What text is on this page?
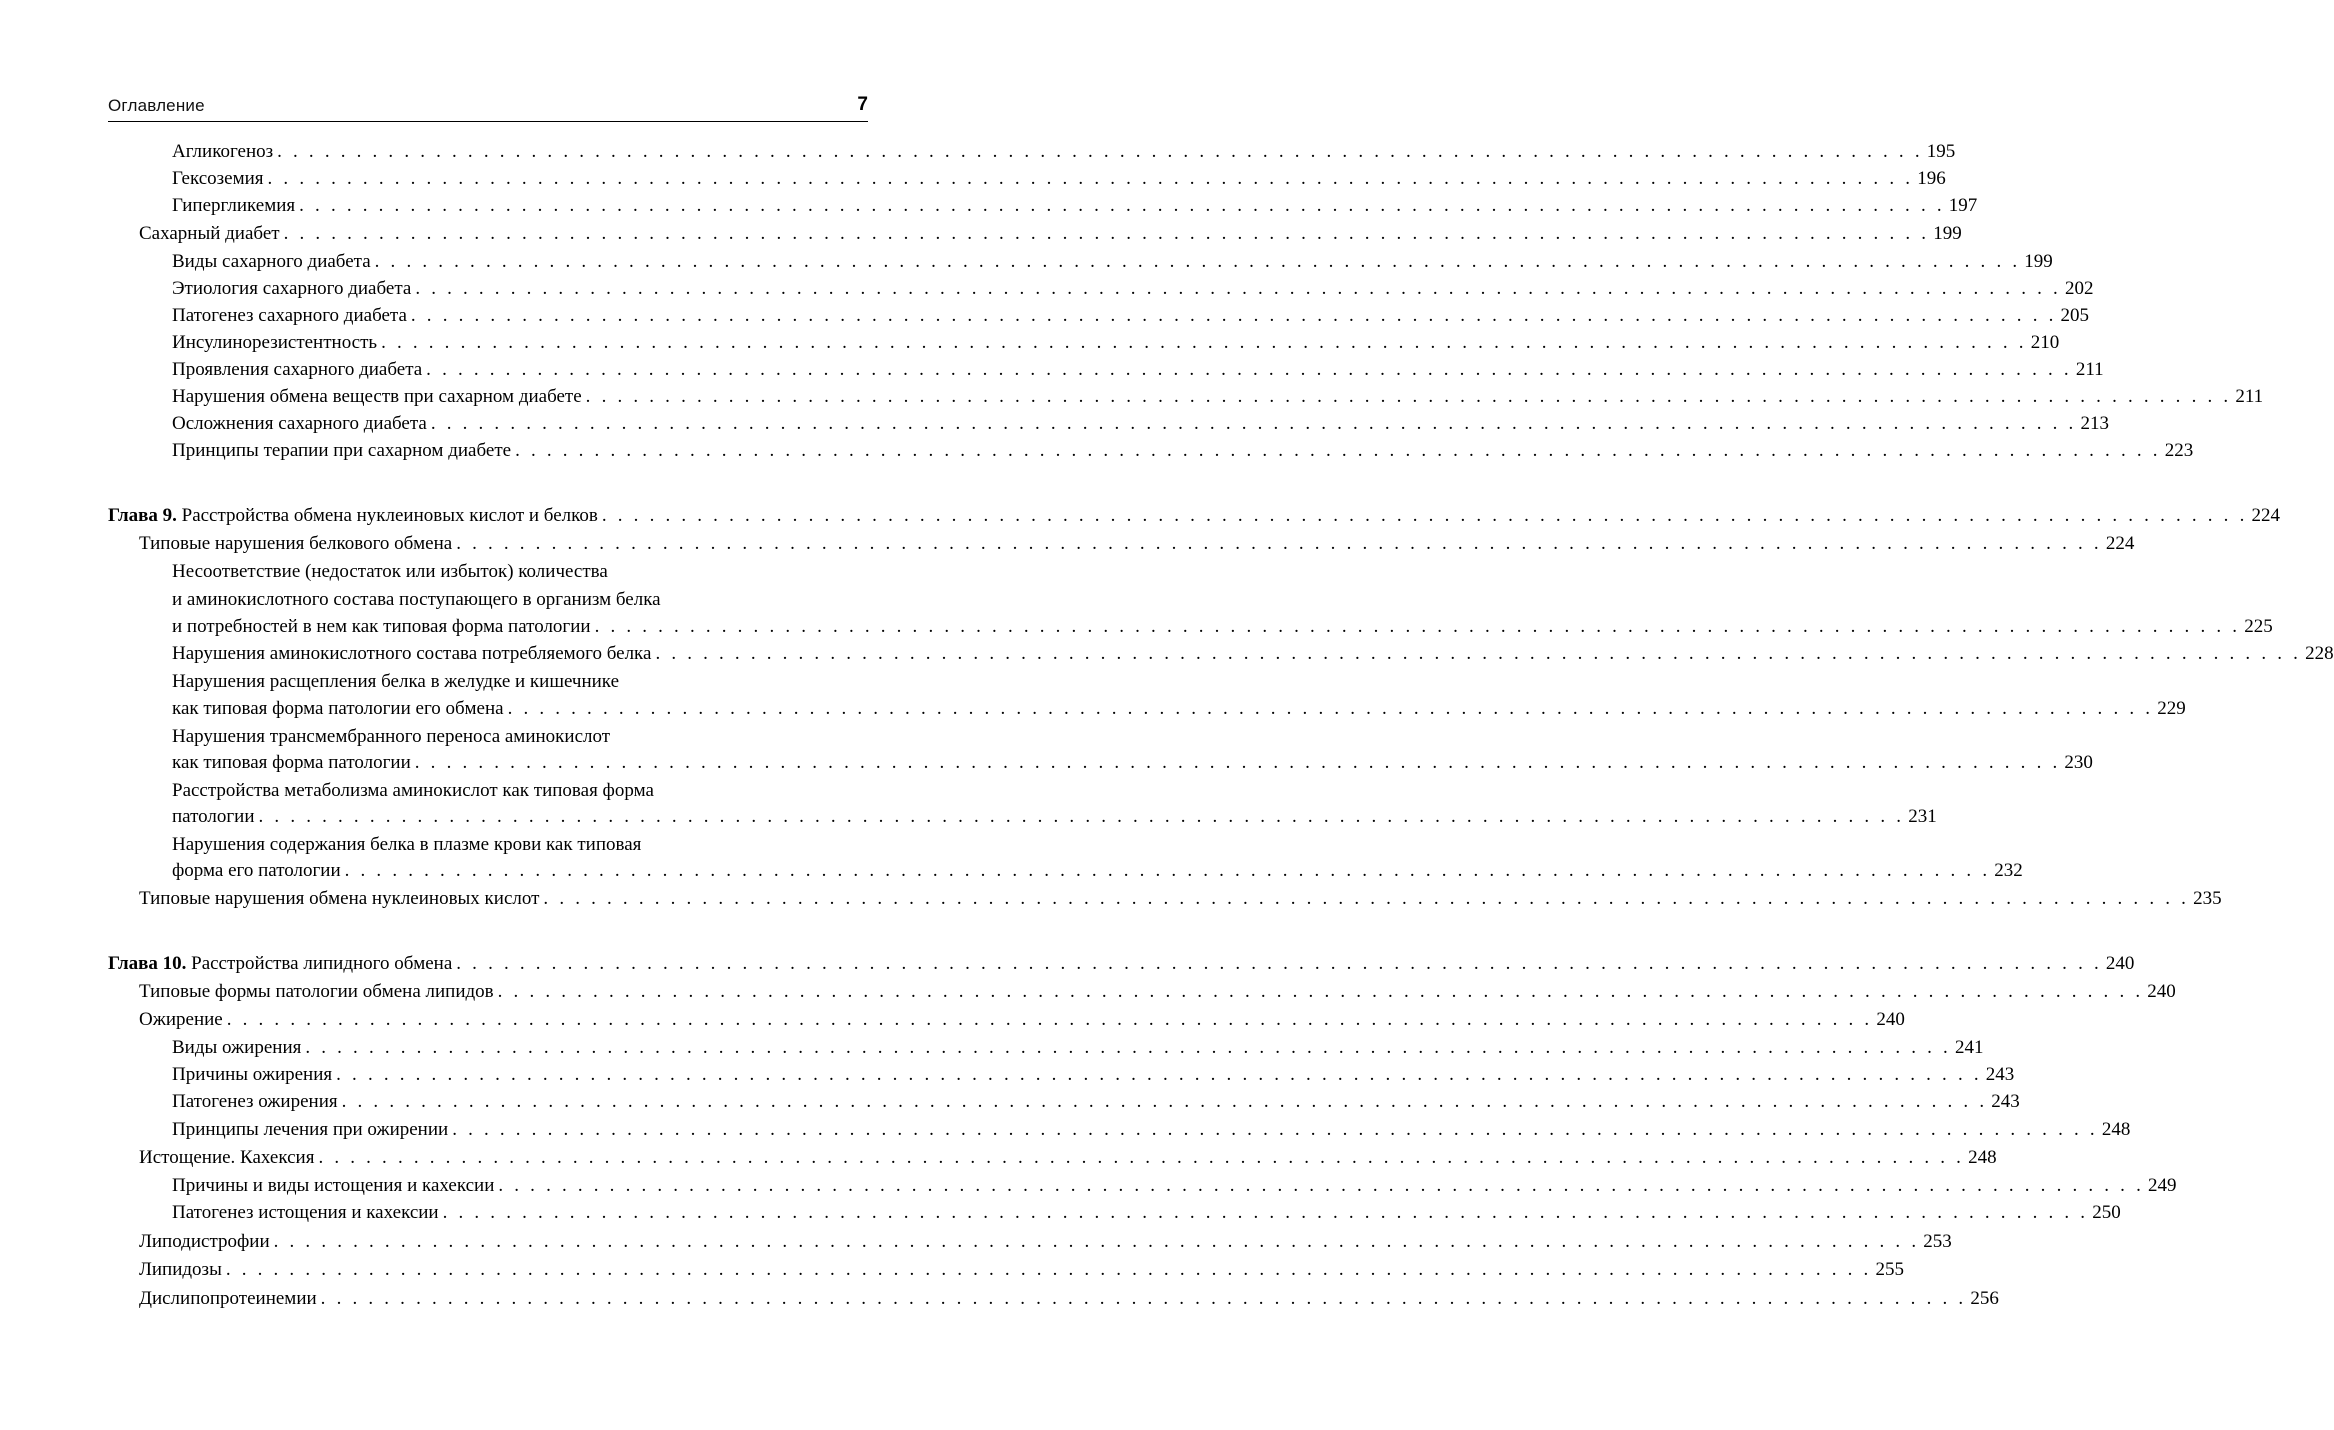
Оглавление	7
Агликогеноз . . . . . . . . . . . . . . . . . . . . . . . . . . . . . . . . . . . . . . . . . . . . . . . . . . . . . . . . . . . . . . . . . . . . . . . . . . . . . . . . . . . . . . . . . . . . . . . . . . . . . . . . 195
Гексоземия . . . . . . . . . . . . . . . . . . . . . . . . . . . . . . . . . . . . . . . . . . . . . . . . . . . . . . . . . . . . . . . . . . . . . . . . . . . . . . . . . . . . . . . . . . . . . . . . . . . . . . . . 196
Гипергликемия . . . . . . . . . . . . . . . . . . . . . . . . . . . . . . . . . . . . . . . . . . . . . . . . . . . . . . . . . . . . . . . . . . . . . . . . . . . . . . . . . . . . . . . . . . . . . . . . . . . . . . . . 197
Сахарный диабет . . . . . . . . . . . . . . . . . . . . . . . . . . . . . . . . . . . . . . . . . . . . . . . . . . . . . . . . . . . . . . . . . . . . . . . . . . . . . . . . . . . . . . . . . . . . . . . . . . . . . . . . 199
Виды сахарного диабета . . . . . . . . . . . . . . . . . . . . . . . . . . . . . . . . . . . . . . . . . . . . . . . . . . . . . . . . . . . . . . . . . . . . . . . . . . . . . . . . . . . . . . . . . . . . . . . . . . . . . . . . 199
Этиология сахарного диабета . . . . . . . . . . . . . . . . . . . . . . . . . . . . . . . . . . . . . . . . . . . . . . . . . . . . . . . . . . . . . . . . . . . . . . . . . . . . . . . . . . . . . . . . . . . . . . . . . . . . . . . . 202
Патогенез сахарного диабета . . . . . . . . . . . . . . . . . . . . . . . . . . . . . . . . . . . . . . . . . . . . . . . . . . . . . . . . . . . . . . . . . . . . . . . . . . . . . . . . . . . . . . . . . . . . . . . . . . . . . . . . 205
Инсулинорезистентность . . . . . . . . . . . . . . . . . . . . . . . . . . . . . . . . . . . . . . . . . . . . . . . . . . . . . . . . . . . . . . . . . . . . . . . . . . . . . . . . . . . . . . . . . . . . . . . . . . . . . . . . 210
Проявления сахарного диабета . . . . . . . . . . . . . . . . . . . . . . . . . . . . . . . . . . . . . . . . . . . . . . . . . . . . . . . . . . . . . . . . . . . . . . . . . . . . . . . . . . . . . . . . . . . . . . . . . . . . . . . . 211
Нарушения обмена веществ при сахарном диабете . . . . . . . . . . . . . . . . . . . . . . . . . . . . . . . . . . . . . . . . . . . . . . . . . . . . . . . . . . . . . . . . . . . . . . . . . . . . . . . . . . . . . . . . . . . . . . . . . . . . . . . . 211
Осложнения сахарного диабета . . . . . . . . . . . . . . . . . . . . . . . . . . . . . . . . . . . . . . . . . . . . . . . . . . . . . . . . . . . . . . . . . . . . . . . . . . . . . . . . . . . . . . . . . . . . . . . . . . . . . . . . 213
Принципы терапии при сахарном диабете . . . . . . . . . . . . . . . . . . . . . . . . . . . . . . . . . . . . . . . . . . . . . . . . . . . . . . . . . . . . . . . . . . . . . . . . . . . . . . . . . . . . . . . . . . . . . . . . . . . . . . . . 223
Глава 9. Расстройства обмена нуклеиновых кислот и белков . . . . . . . . . . . . . . . . . . . . . . . . . . . . . . . . . . . . . . . . . . . . . . . . . . . . . . . . . . . . . . . . . . . . . . . . . . . . . . . . . . . . . . . . . . . . . . . . . . . . . . . . 224
Типовые нарушения белкового обмена . . . . . . . . . . . . . . . . . . . . . . . . . . . . . . . . . . . . . . . . . . . . . . . . . . . . . . . . . . . . . . . . . . . . . . . . . . . . . . . . . . . . . . . . . . . . . . . . . . . . . . . . 224
Несоответствие (недостаток или избыток) количества
и аминокислотного состава поступающего в организм белка
и потребностей в нем как типовая форма патологии . . . . . . . . . . . . . . . . . . . . . . . . . . . . . . . . . . . . . . . . . . . . . . . . . . . . . . . . . . . . . . . . . . . . . . . . . . . . . . . . . . . . . . . . . . . . . . . . . . . . . . . . 225
Нарушения аминокислотного состава потребляемого белка . . . . . . . . . . . . . . . . . . . . . . . . . . . . . . . . . . . . . . . . . . . . . . . . . . . . . . . . . . . . . . . . . . . . . . . . . . . . . . . . . . . . . . . . . . . . . . . . . . . . . . . . 228
Нарушения расщепления белка в желудке и кишечнике
как типовая форма патологии его обмена . . . . . . . . . . . . . . . . . . . . . . . . . . . . . . . . . . . . . . . . . . . . . . . . . . . . . . . . . . . . . . . . . . . . . . . . . . . . . . . . . . . . . . . . . . . . . . . . . . . . . . . . 229
Нарушения трансмембранного переноса аминокислот
как типовая форма патологии . . . . . . . . . . . . . . . . . . . . . . . . . . . . . . . . . . . . . . . . . . . . . . . . . . . . . . . . . . . . . . . . . . . . . . . . . . . . . . . . . . . . . . . . . . . . . . . . . . . . . . . . 230
Расстройства метаболизма аминокислот как типовая форма
патологии . . . . . . . . . . . . . . . . . . . . . . . . . . . . . . . . . . . . . . . . . . . . . . . . . . . . . . . . . . . . . . . . . . . . . . . . . . . . . . . . . . . . . . . . . . . . . . . . . . . . . . . . 231
Нарушения содержания белка в плазме крови как типовая
форма его патологии . . . . . . . . . . . . . . . . . . . . . . . . . . . . . . . . . . . . . . . . . . . . . . . . . . . . . . . . . . . . . . . . . . . . . . . . . . . . . . . . . . . . . . . . . . . . . . . . . . . . . . . . 232
Типовые нарушения обмена нуклеиновых кислот . . . . . . . . . . . . . . . . . . . . . . . . . . . . . . . . . . . . . . . . . . . . . . . . . . . . . . . . . . . . . . . . . . . . . . . . . . . . . . . . . . . . . . . . . . . . . . . . . . . . . . . . 235
Глава 10. Расстройства липидного обмена . . . . . . . . . . . . . . . . . . . . . . . . . . . . . . . . . . . . . . . . . . . . . . . . . . . . . . . . . . . . . . . . . . . . . . . . . . . . . . . . . . . . . . . . . . . . . . . . . . . . . . . . 240
Типовые формы патологии обмена липидов . . . . . . . . . . . . . . . . . . . . . . . . . . . . . . . . . . . . . . . . . . . . . . . . . . . . . . . . . . . . . . . . . . . . . . . . . . . . . . . . . . . . . . . . . . . . . . . . . . . . . . . . 240
Ожирение . . . . . . . . . . . . . . . . . . . . . . . . . . . . . . . . . . . . . . . . . . . . . . . . . . . . . . . . . . . . . . . . . . . . . . . . . . . . . . . . . . . . . . . . . . . . . . . . . . . . . . . . 240
Виды ожирения . . . . . . . . . . . . . . . . . . . . . . . . . . . . . . . . . . . . . . . . . . . . . . . . . . . . . . . . . . . . . . . . . . . . . . . . . . . . . . . . . . . . . . . . . . . . . . . . . . . . . . . . 241
Причины ожирения . . . . . . . . . . . . . . . . . . . . . . . . . . . . . . . . . . . . . . . . . . . . . . . . . . . . . . . . . . . . . . . . . . . . . . . . . . . . . . . . . . . . . . . . . . . . . . . . . . . . . . . . 243
Патогенез ожирения . . . . . . . . . . . . . . . . . . . . . . . . . . . . . . . . . . . . . . . . . . . . . . . . . . . . . . . . . . . . . . . . . . . . . . . . . . . . . . . . . . . . . . . . . . . . . . . . . . . . . . . . 243
Принципы лечения при ожирении . . . . . . . . . . . . . . . . . . . . . . . . . . . . . . . . . . . . . . . . . . . . . . . . . . . . . . . . . . . . . . . . . . . . . . . . . . . . . . . . . . . . . . . . . . . . . . . . . . . . . . . . 248
Истощение. Кахексия . . . . . . . . . . . . . . . . . . . . . . . . . . . . . . . . . . . . . . . . . . . . . . . . . . . . . . . . . . . . . . . . . . . . . . . . . . . . . . . . . . . . . . . . . . . . . . . . . . . . . . . . 248
Причины и виды истощения и кахексии . . . . . . . . . . . . . . . . . . . . . . . . . . . . . . . . . . . . . . . . . . . . . . . . . . . . . . . . . . . . . . . . . . . . . . . . . . . . . . . . . . . . . . . . . . . . . . . . . . . . . . . . 249
Патогенез истощения и кахексии . . . . . . . . . . . . . . . . . . . . . . . . . . . . . . . . . . . . . . . . . . . . . . . . . . . . . . . . . . . . . . . . . . . . . . . . . . . . . . . . . . . . . . . . . . . . . . . . . . . . . . . . 250
Липодистрофии . . . . . . . . . . . . . . . . . . . . . . . . . . . . . . . . . . . . . . . . . . . . . . . . . . . . . . . . . . . . . . . . . . . . . . . . . . . . . . . . . . . . . . . . . . . . . . . . . . . . . . . . 253
Липидозы . . . . . . . . . . . . . . . . . . . . . . . . . . . . . . . . . . . . . . . . . . . . . . . . . . . . . . . . . . . . . . . . . . . . . . . . . . . . . . . . . . . . . . . . . . . . . . . . . . . . . . . . 255
Дислипопротеинемии . . . . . . . . . . . . . . . . . . . . . . . . . . . . . . . . . . . . . . . . . . . . . . . . . . . . . . . . . . . . . . . . . . . . . . . . . . . . . . . . . . . . . . . . . . . . . . . . . . . . . . . . 256
